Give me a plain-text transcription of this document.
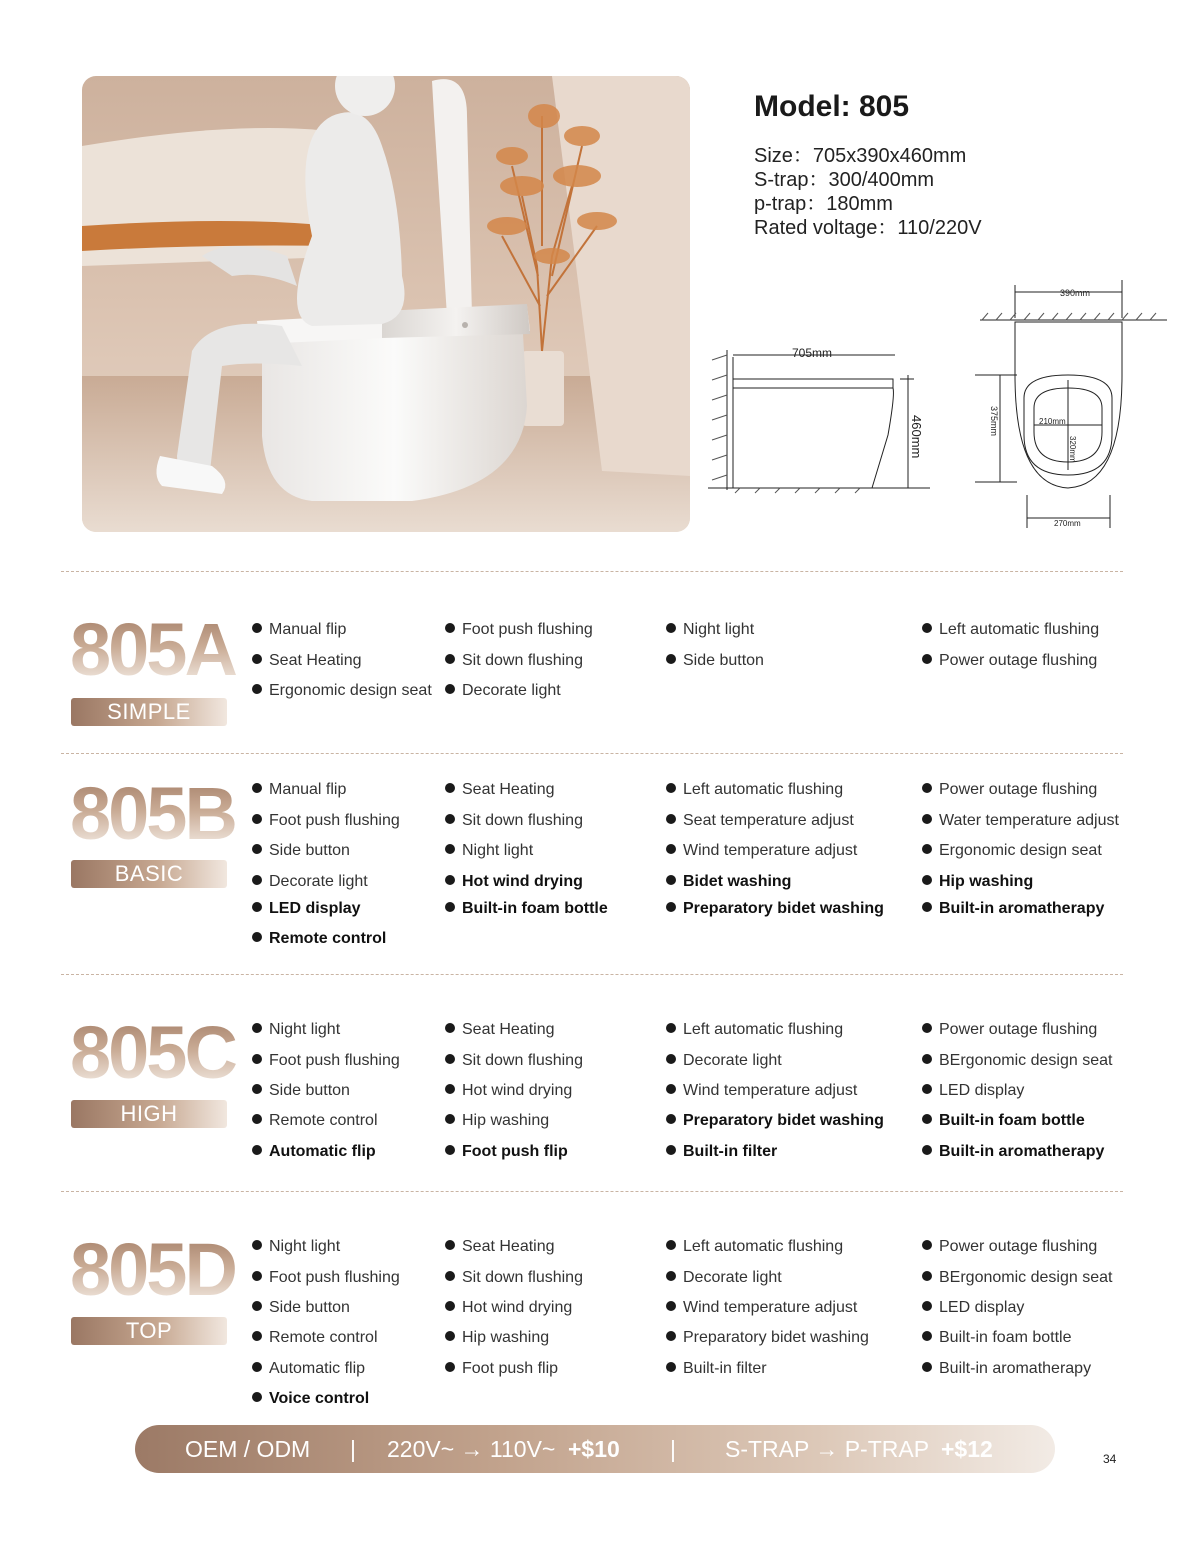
Model: 805
Size：705x390x460mm
S-trap：300/400mm
p-trap：180mm
Rated voltage：110/220V
705mm
460mm
390mm
375mm	210mm
320mm
270mm
805A
SIMPLE

Manual flip	Foot push flushing	Night light	Left automatic flushing

Seat Heating	Sit down flushing	Side button	Power outage flushing

Ergonomic design seat	Decorate light

805B
BASIC

Manual flip	Seat Heating	Left automatic flushing	Power outage flushing

Foot push flushing	Sit down flushing	Seat temperature adjust	Water temperature adjust

Side button	Night light	Wind temperature adjust	Ergonomic design seat

Decorate light	Hot wind drying	Bidet washing	Hip washing

LED display	Built-in foam bottle	Preparatory bidet washing	Built-in aromatherapy

Remote control

805C
HIGH

Night light	Seat Heating	Left automatic flushing	Power outage flushing

Foot push flushing	Sit down flushing	Decorate light	BErgonomic design seat

Side button	Hot wind drying	Wind temperature adjust	LED display

Remote control	Hip washing	Preparatory bidet washing	Built-in foam bottle

Automatic flip	Foot push flip	Built-in filter	Built-in aromatherapy

805D
TOP

Night light	Seat Heating	Left automatic flushing	Power outage flushing

Foot push flushing	Sit down flushing	Decorate light	BErgonomic design seat

Side button	Hot wind drying	Wind temperature adjust	LED display

Remote control	Hip washing	Preparatory bidet washing	Built-in foam bottle

Automatic flip	Foot push flip	Built-in filter	Built-in aromatherapy

Voice control

OEM / ODM | 220V~ → 110V~ +$10 | S-TRAP → P-TRAP +$12	34
